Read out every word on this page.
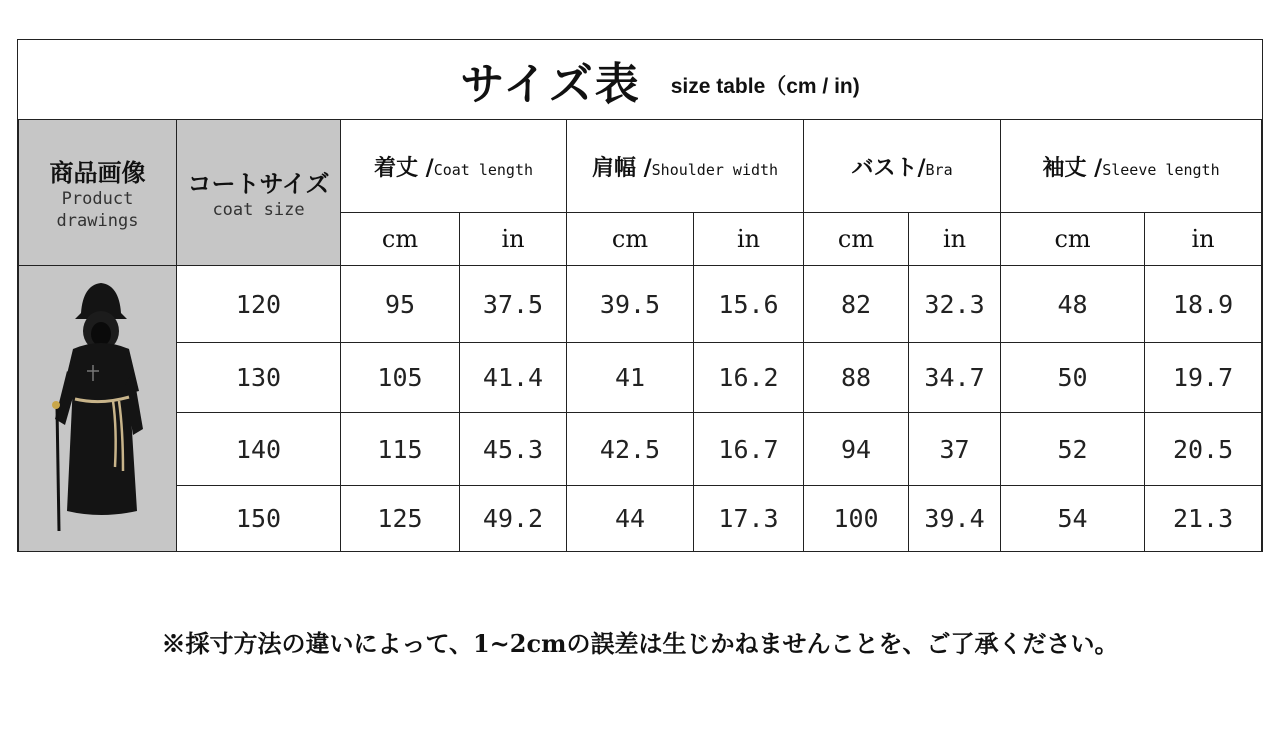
サイズ表 size table（cm / in)
商品画像
Product
drawings	コートサイズ
coat size	着丈 /Coat length		肩幅 /Shoulder width		バスト/Bra		袖丈 /Sleeve length	
		cm	in	cm	in	cm	in	cm	in

	120	95	37.5	39.5	15.6	82	32.3	48	18.9
	130	105	41.4	41	16.2	88	34.7	50	19.7
	140	115	45.3	42.5	16.7	94	37	52	20.5
	150	125	49.2	44	17.3	100	39.4	54	21.3
※採寸方法の違いによって、1~2cmの誤差は生じかねませんことを、ご了承ください。
